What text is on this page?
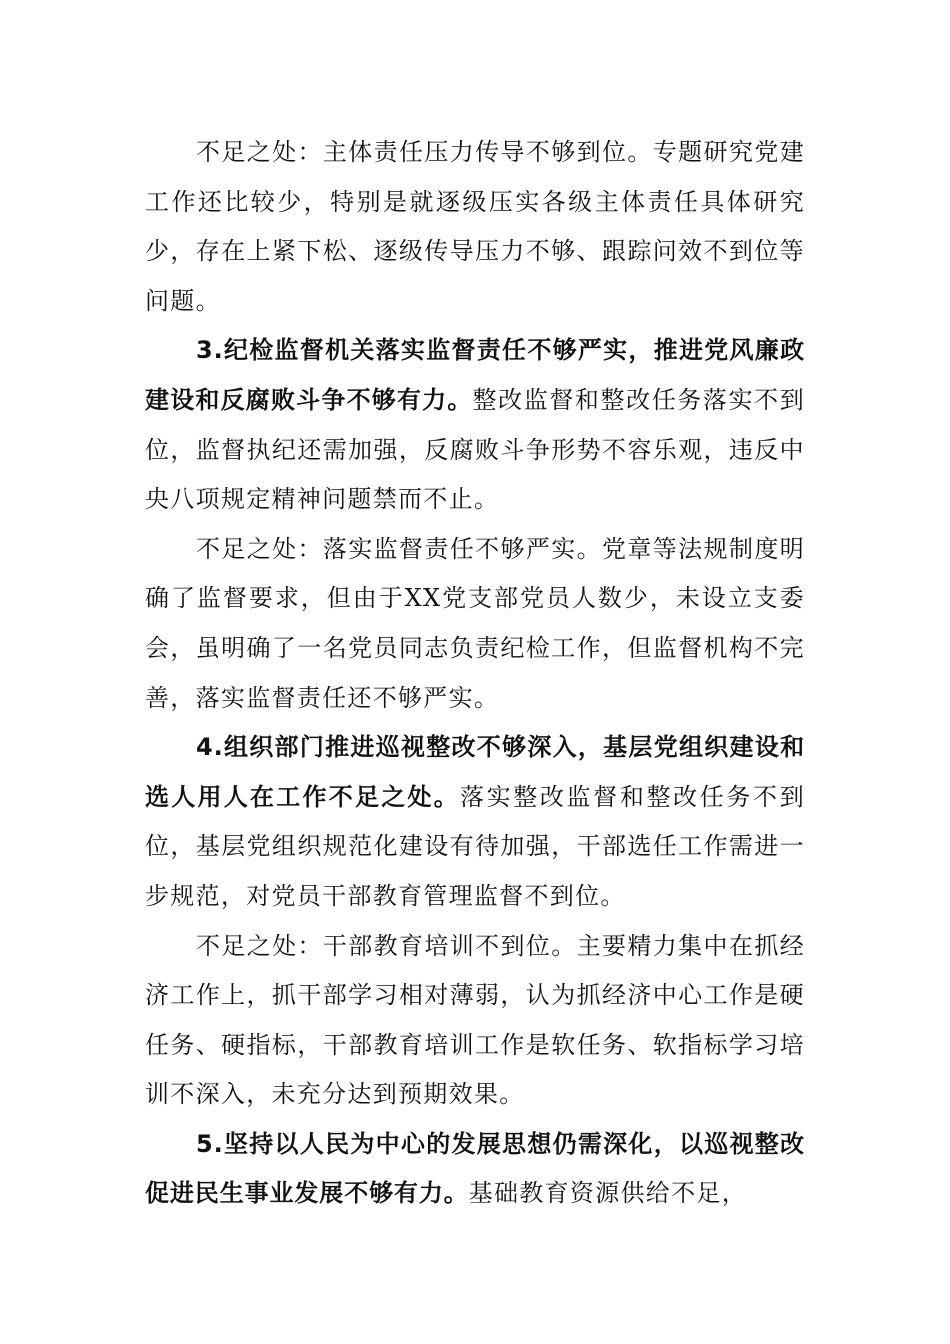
不足之处：主体责任压力传导不够到位。专题研究党建工作还比较少，特别是就逐级压实各级主体责任具体研究少，存在上紧下松、逐级传导压力不够、跟踪问效不到位等问题。

3.纪检监督机关落实监督责任不够严实，推进党风廉政建设和反腐败斗争不够有力。整改监督和整改任务落实不到位，监督执纪还需加强，反腐败斗争形势不容乐观，违反中央八项规定精神问题禁而不止。

不足之处：落实监督责任不够严实。党章等法规制度明确了监督要求，但由于XX党支部党员人数少，未设立支委会，虽明确了一名党员同志负责纪检工作，但监督机构不完善，落实监督责任还不够严实。

4.组织部门推进巡视整改不够深入，基层党组织建设和选人用人在工作不足之处。落实整改监督和整改任务不到位，基层党组织规范化建设有待加强，干部选任工作需进一步规范，对党员干部教育管理监督不到位。

不足之处：干部教育培训不到位。主要精力集中在抓经济工作上，抓干部学习相对薄弱，认为抓经济中心工作是硬任务、硬指标，干部教育培训工作是软任务、软指标学习培训不深入，未充分达到预期效果。

5.坚持以人民为中心的发展思想仍需深化，以巡视整改促进民生事业发展不够有力。基础教育资源供给不足，
